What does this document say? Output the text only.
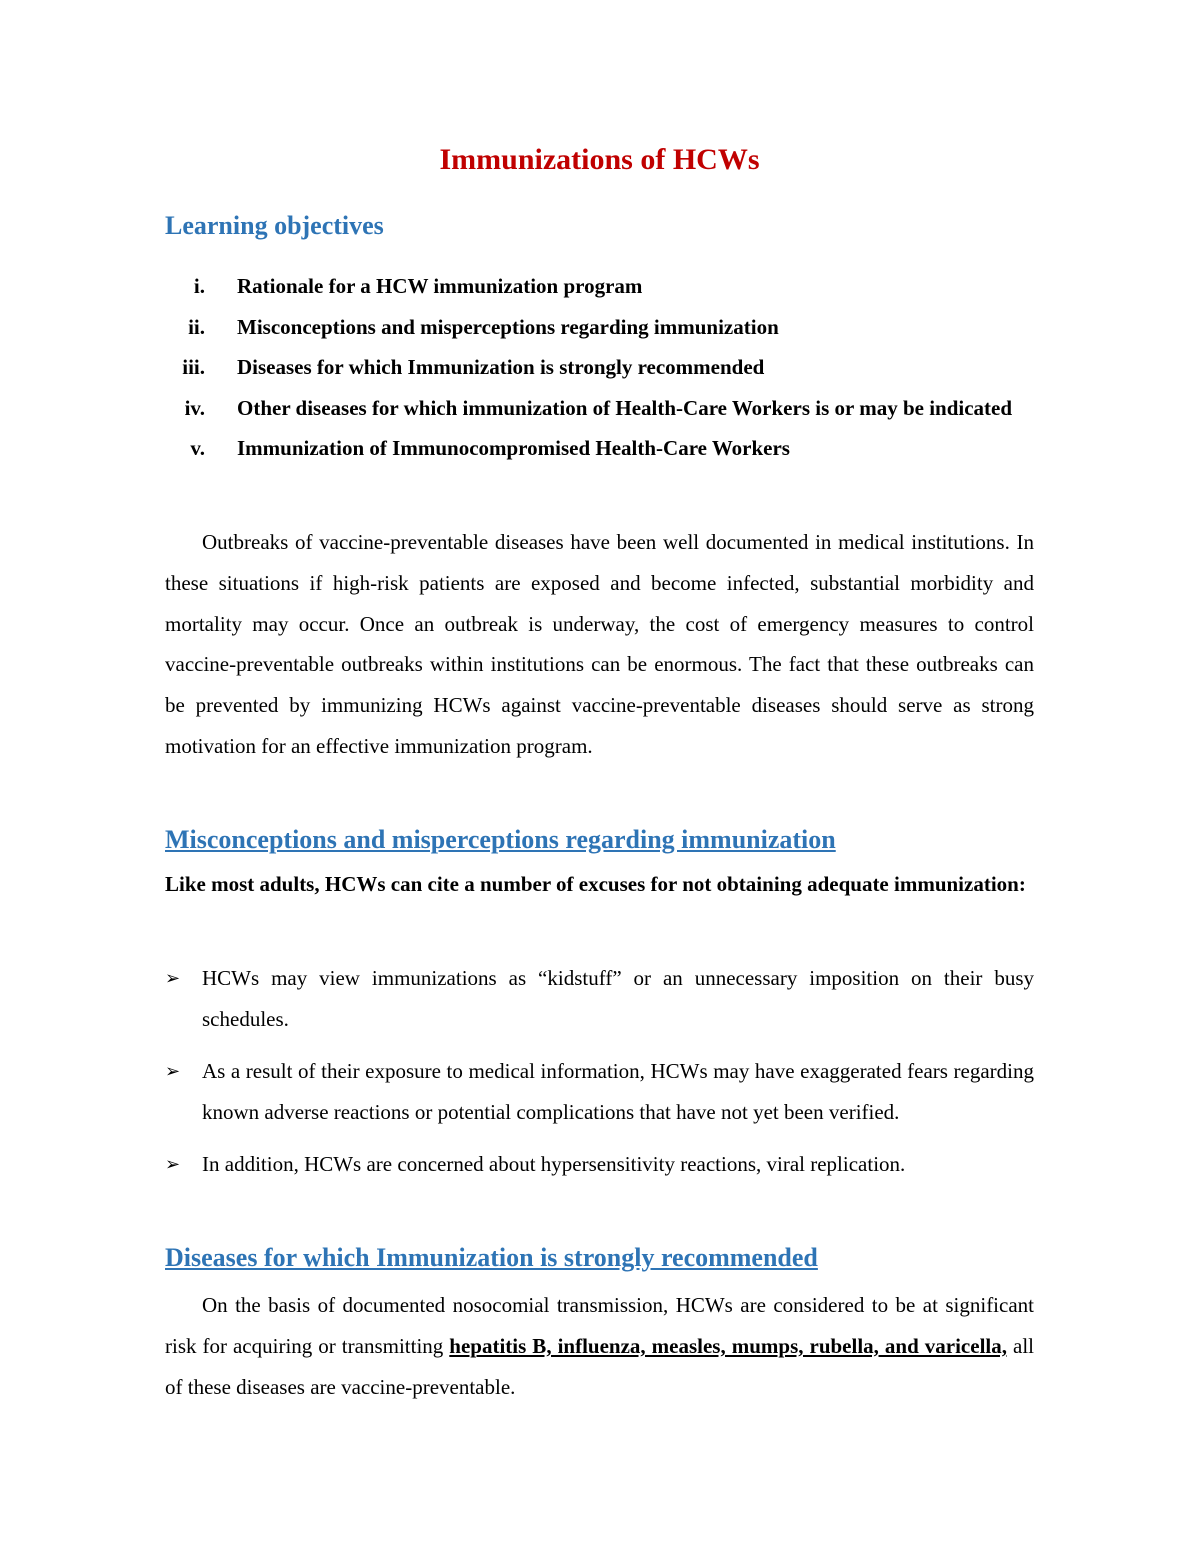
Immunizations of HCWs
Learning objectives
i. Rationale for a HCW immunization program
ii. Misconceptions and misperceptions regarding immunization
iii. Diseases for which Immunization is strongly recommended
iv. Other diseases for which immunization of Health-Care Workers is or may be indicated
v. Immunization of Immunocompromised Health-Care Workers

Outbreaks of vaccine-preventable diseases have been well documented in medical institutions. In these situations if high-risk patients are exposed and become infected, substantial morbidity and mortality may occur. Once an outbreak is underway, the cost of emergency measures to control vaccine-preventable outbreaks within institutions can be enormous. The fact that these outbreaks can be prevented by immunizing HCWs against vaccine-preventable diseases should serve as strong motivation for an effective immunization program.

Misconceptions and misperceptions regarding immunization

Like most adults, HCWs can cite a number of excuses for not obtaining adequate immunization:

➢ HCWs may view immunizations as “kidstuff” or an unnecessary imposition on their busy schedules.
➢ As a result of their exposure to medical information, HCWs may have exaggerated fears regarding known adverse reactions or potential complications that have not yet been verified.
➢ In addition, HCWs are concerned about hypersensitivity reactions, viral replication.
Diseases for which Immunization is strongly recommended

On the basis of documented nosocomial transmission, HCWs are considered to be at significant risk for acquiring or transmitting hepatitis B, influenza, measles, mumps, rubella, and varicella, all of these diseases are vaccine-preventable.
